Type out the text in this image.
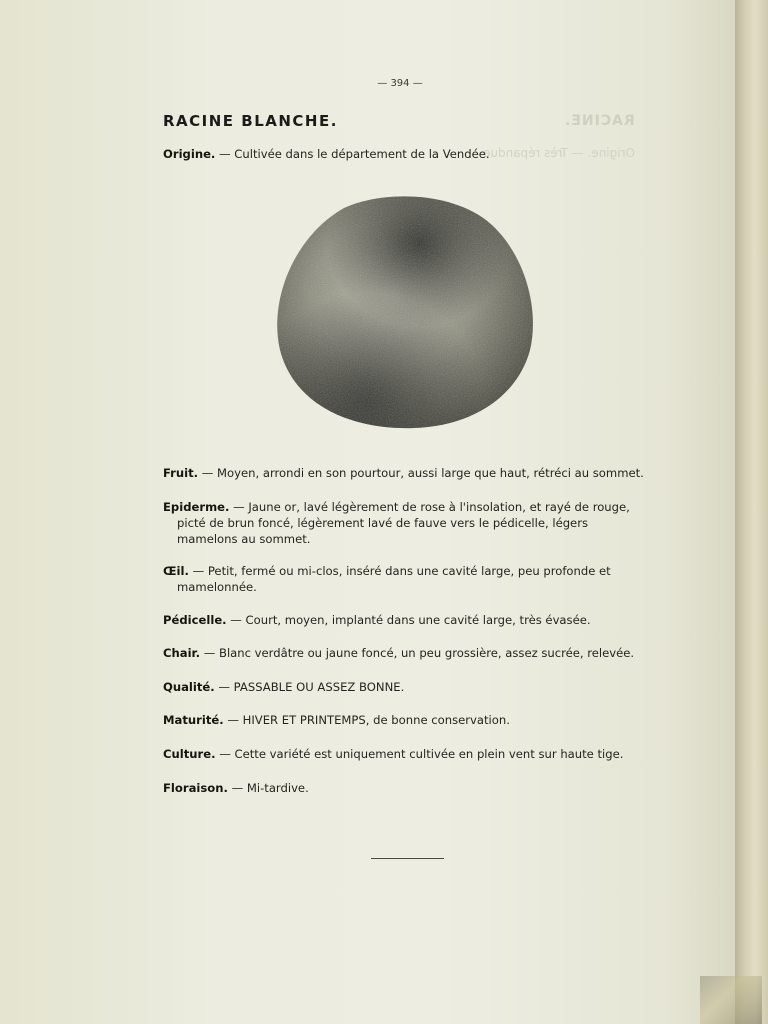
RACINE.
Origine. — Très répandue
— 394 —
RACINE BLANCHE.
Origine. — Cultivée dans le département de la Vendée.
Fruit. — Moyen, arrondi en son pourtour, aussi large que haut, rétréci au sommet.
Epiderme. — Jaune or, lavé légèrement de rose à l'insolation, et rayé de rouge,
picté de brun foncé, légèrement lavé de fauve vers le pédicelle, légers mamelons au sommet.
Œil. — Petit, fermé ou mi-clos, inséré dans une cavité large, peu profonde et
mamelonnée.
Pédicelle. — Court, moyen, implanté dans une cavité large, très évasée.
Chair. — Blanc verdâtre ou jaune foncé, un peu grossière, assez sucrée, relevée.
Qualité. — PASSABLE OU ASSEZ BONNE.
Maturité. — HIVER ET PRINTEMPS, de bonne conservation.
Culture. — Cette variété est uniquement cultivée en plein vent sur haute tige.
Floraison. — Mi-tardive.
